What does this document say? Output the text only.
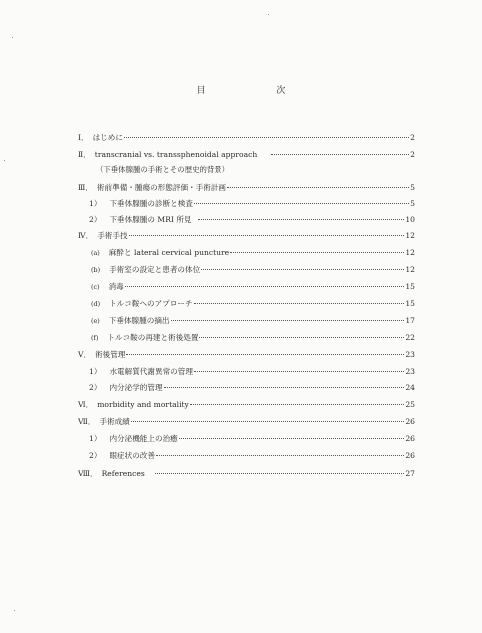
目 次
Ⅰ． はじめに	2
Ⅱ． transcranial vs. transsphenoidal approach	2
（下垂体腺腫の手術とその歴史的背景）
Ⅲ． 術前準備・腫瘍の形態評価・手術計画	5
1） 下垂体腺腫の診断と検査	5
2） 下垂体腺腫の MRI 所見	10
Ⅳ． 手術手技	12
(a) 麻酔と lateral cervical puncture	12
(b) 手術室の設定と患者の体位	12
(c) 消毒	15
(d) トルコ鞍へのアプローチ	15
(e) 下垂体腺腫の摘出	17
(f) トルコ鞍の再建と術後処置	22
Ⅴ． 術後管理	23
1） 水電解質代謝異常の管理	23
2） 内分泌学的管理	24
Ⅵ． morbidity and mortality	25
Ⅶ． 手術成績	26
1） 内分泌機能上の治癒	26
2） 眼症状の改善	26
Ⅷ． References	27
